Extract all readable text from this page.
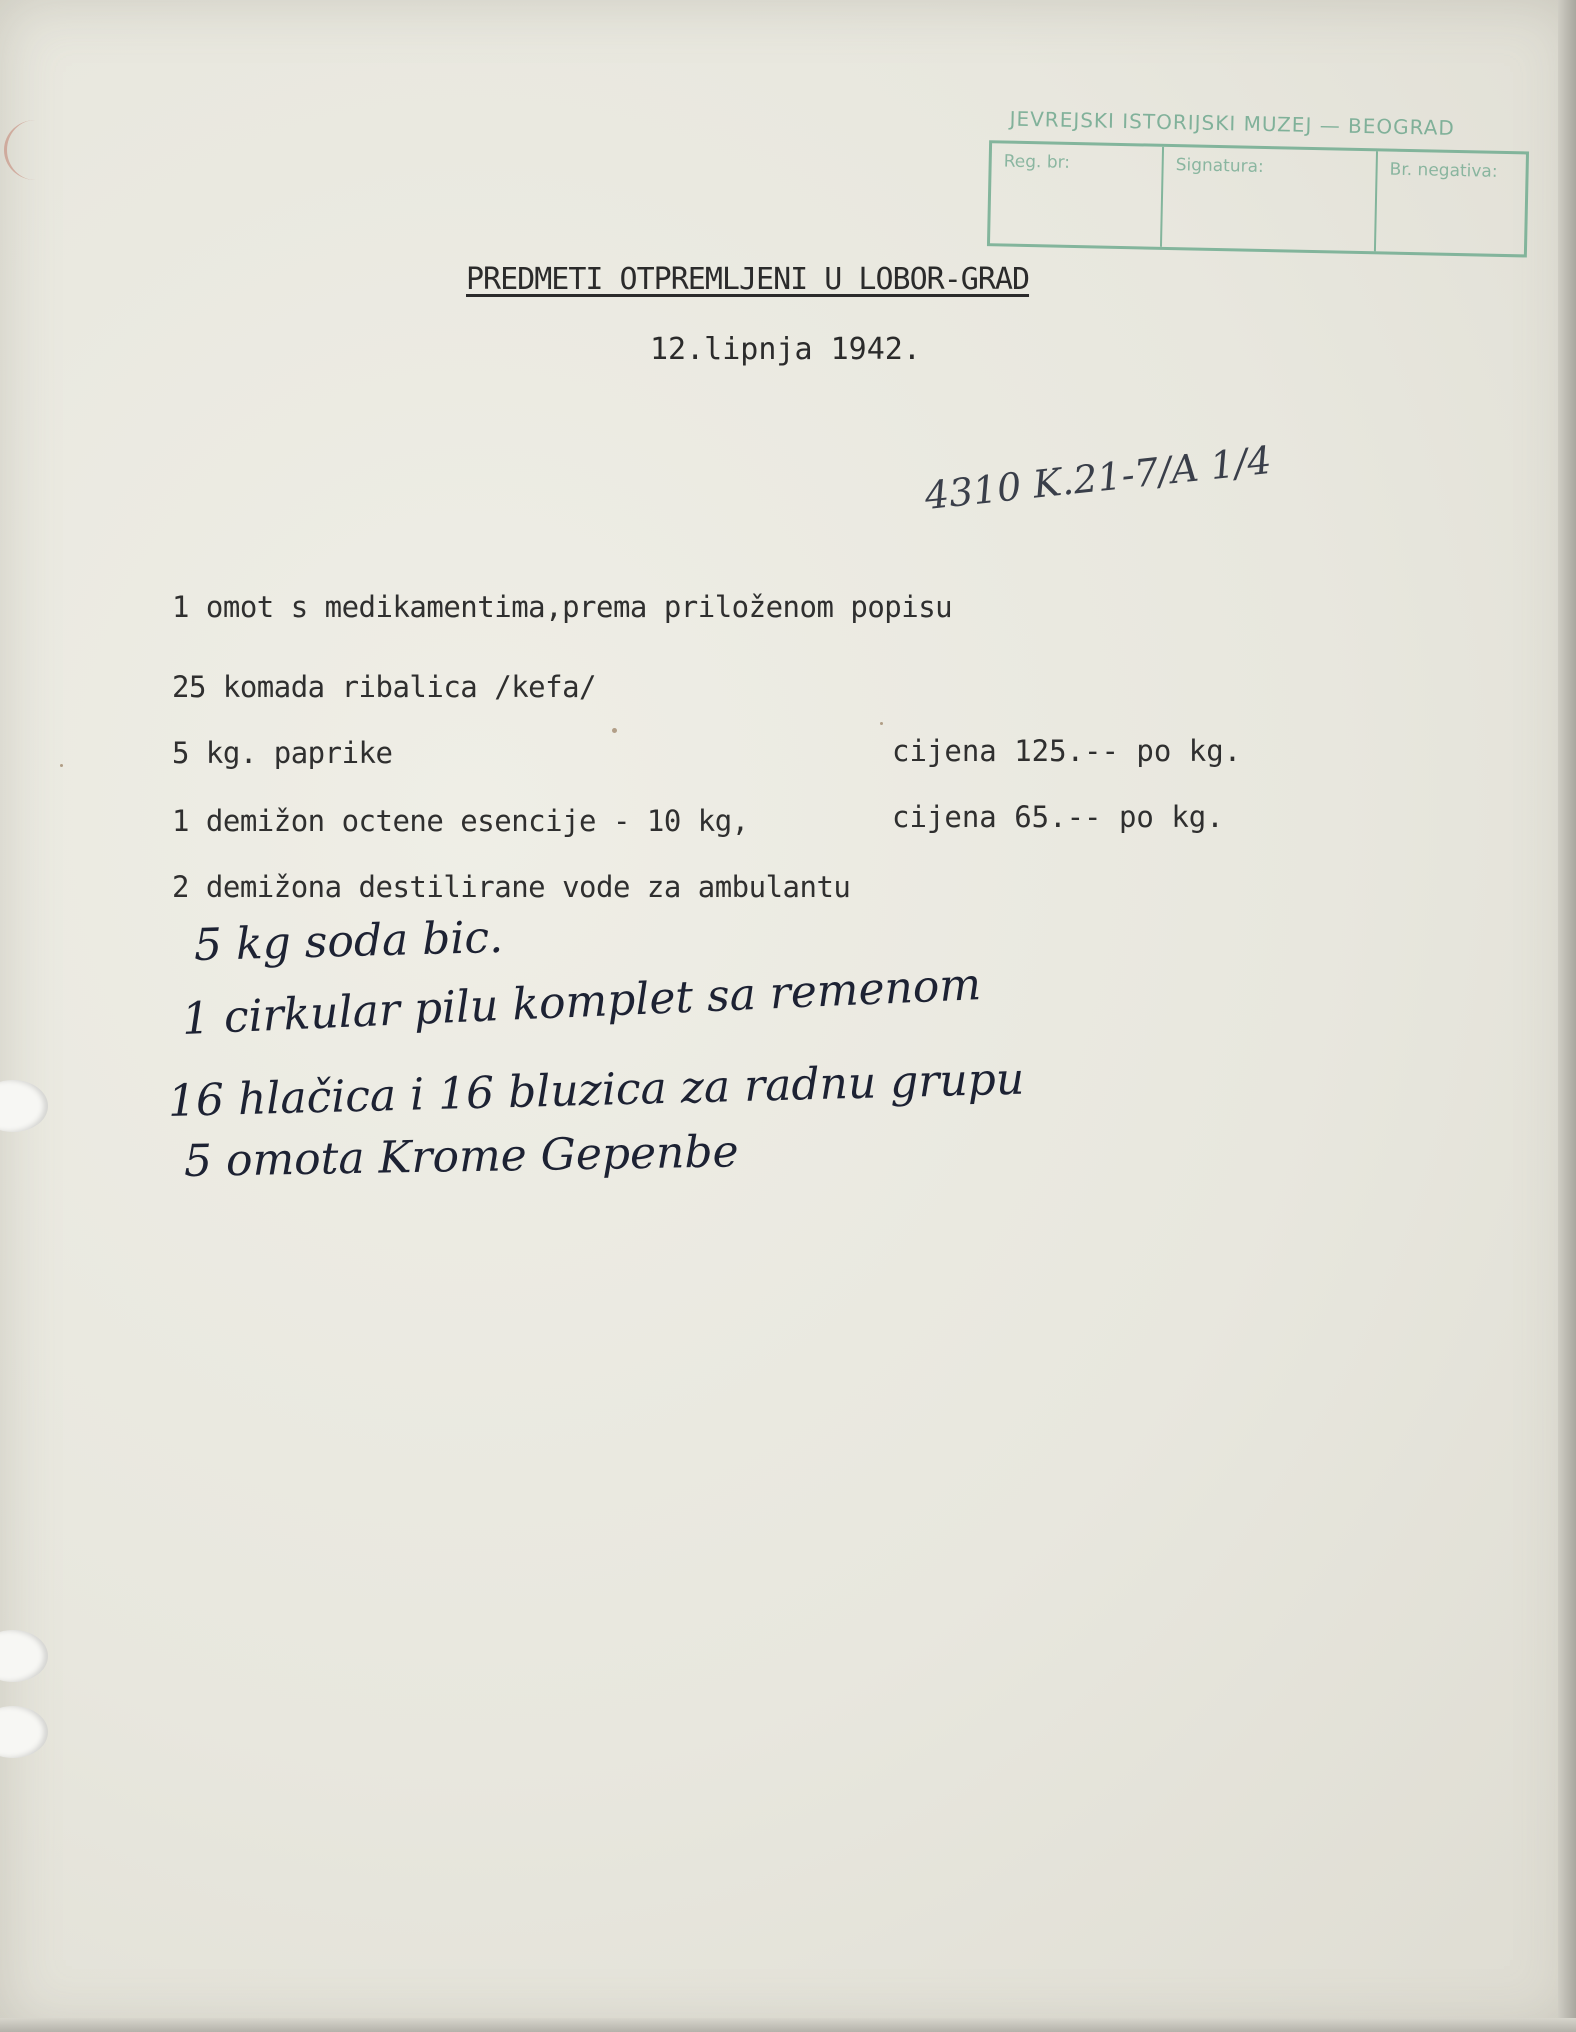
JEVREJSKI ISTORIJSKI MUZEJ — BEOGRAD
Reg. br:	Signatura:	Br. negativa:
PREDMETI OTPREMLJENI U LOBOR-GRAD
12.lipnja 1942.
4310 K.21-7/A 1/4
1 omot s medikamentima,prema priloženom popisu
25 komada ribalica /kefa/
5 kg. paprike	cijena 125.-- po kg.
1 demižon octene esencije - 10 kg,	cijena 65.-- po kg.
2 demižona destilirane vode za ambulantu
5 kg soda bic.
1 cirkular pilu komplet sa remenom
16 hlačica i 16 bluzica za radnu grupu
5 omota Krome Gepenbe
